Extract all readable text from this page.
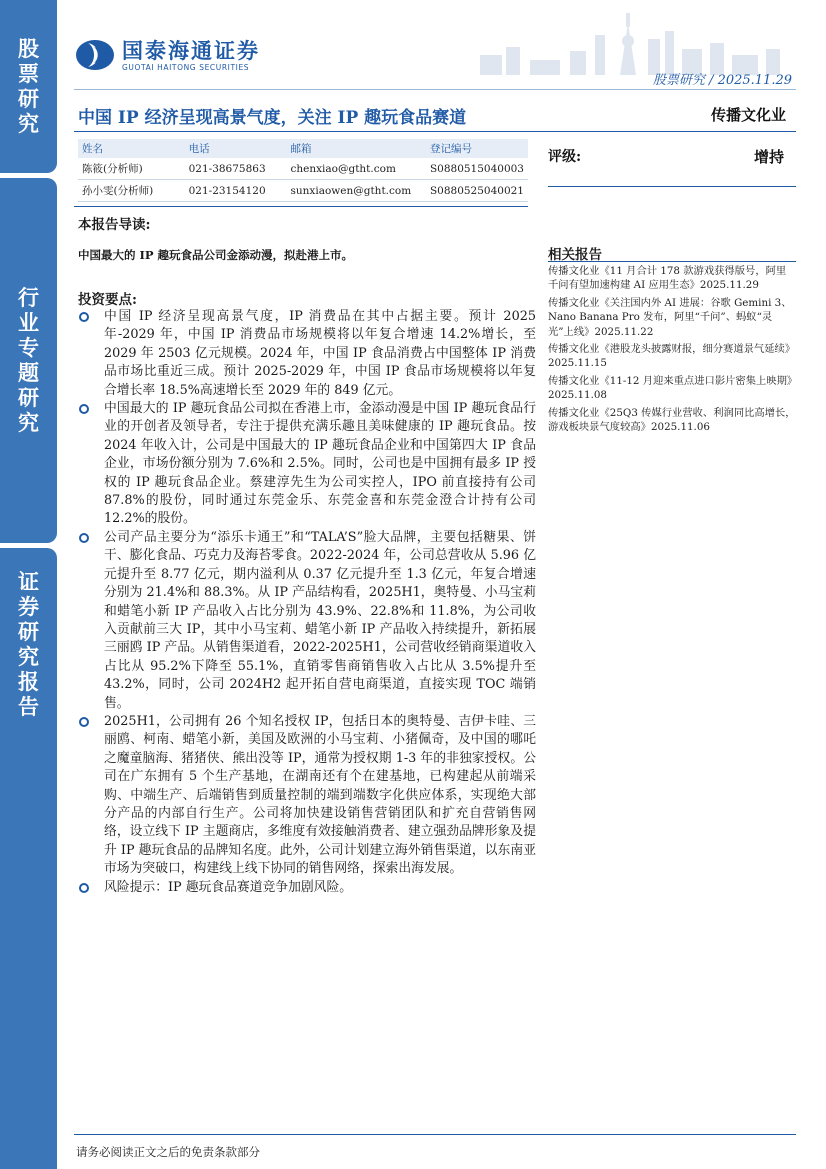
股
票
研
究
行
业
专
题
研
究
证
券
研
究
报
告
国泰海通证券
GUOTAI HAITONG SECURITIES
股票研究 / 2025.11.29
中国 IP 经济呈现高景气度，关注 IP 趣玩食品赛道	传播文化业
姓名	电话	邮箱	登记编号
陈筱(分析师)	021-38675863	chenxiao@gtht.com	S0880515040003
孙小雯(分析师)	021-23154120	sunxiaowen@gtht.com	S0880525040021
评级:	增持
本报告导读:
中国最大的 IP 趣玩食品公司金添动漫，拟赴港上市。
投资要点:
中国 IP 经济呈现高景气度，IP 消费品在其中占据主要。预计 2025 年-2029 年，中国 IP 消费品市场规模将以年复合增速 14.2%增长，至 2029 年 2503 亿元规模。2024 年，中国 IP 食品消费占中国整体 IP 消费品市场比重近三成。预计 2025-2029 年，中国 IP 食品市场规模将以年复合增长率 18.5%高速增长至 2029 年的 849 亿元。
中国最大的 IP 趣玩食品公司拟在香港上市，金添动漫是中国 IP 趣玩食品行业的开创者及领导者，专注于提供充满乐趣且美味健康的 IP 趣玩食品。按 2024 年收入计，公司是中国最大的 IP 趣玩食品企业和中国第四大 IP 食品企业，市场份额分别为 7.6%和 2.5%。同时，公司也是中国拥有最多 IP 授权的 IP 趣玩食品企业。蔡建淳先生为公司实控人，IPO 前直接持有公司 87.8%的股份，同时通过东莞金乐、东莞金喜和东莞金澄合计持有公司 12.2%的股份。
公司产品主要分为“添乐卡通王”和“TALA’S”脸大品牌，主要包括糖果、饼干、膨化食品、巧克力及海苔零食。2022-2024 年，公司总营收从 5.96 亿元提升至 8.77 亿元，期内溢利从 0.37 亿元提升至 1.3 亿元，年复合增速分别为 21.4%和 88.3%。从 IP 产品结构看，2025H1，奥特曼、小马宝莉和蜡笔小新 IP 产品收入占比分别为 43.9%、22.8%和 11.8%，为公司收入贡献前三大 IP，其中小马宝莉、蜡笔小新 IP 产品收入持续提升，新拓展三丽鸥 IP 产品。从销售渠道看，2022-2025H1，公司营收经销商渠道收入占比从 95.2%下降至 55.1%，直销零售商销售收入占比从 3.5%提升至 43.2%，同时，公司 2024H2 起开拓自营电商渠道，直接实现 TOC 端销售。
2025H1，公司拥有 26 个知名授权 IP，包括日本的奥特曼、吉伊卡哇、三丽鸥、柯南、蜡笔小新，美国及欧洲的小马宝莉、小猪佩奇，及中国的哪吒之魔童脑海、猪猪侠、熊出没等 IP，通常为授权期 1-3 年的非独家授权。公司在广东拥有 5 个生产基地，在湖南还有个在建基地，已构建起从前端采购、中端生产、后端销售到质量控制的端到端数字化供应体系，实现绝大部分产品的内部自行生产。公司将加快建设销售营销团队和扩充自营销售网络，设立线下 IP 主题商店，多维度有效接触消费者、建立强劲品牌形象及提升 IP 趣玩食品的品牌知名度。此外，公司计划建立海外销售渠道，以东南亚市场为突破口，构建线上线下协同的销售网络，探索出海发展。
风险提示：IP 趣玩食品赛道竞争加剧风险。
相关报告

传播文化业《11 月合计 178 款游戏获得版号，阿里千问有望加速构建 AI 应用生态》2025.11.29

传播文化业《关注国内外 AI 进展：谷歌 Gemini 3、Nano Banana Pro 发布，阿里“千问”、蚂蚁“灵光”上线》2025.11.22

传播文化业《港股龙头披露财报，细分赛道景气延续》2025.11.15

传播文化业《11-12 月迎来重点进口影片密集上映期》2025.11.08

传播文化业《25Q3 传媒行业营收、利润同比高增长，游戏板块景气度较高》2025.11.06

请务必阅读正文之后的免责条款部分
